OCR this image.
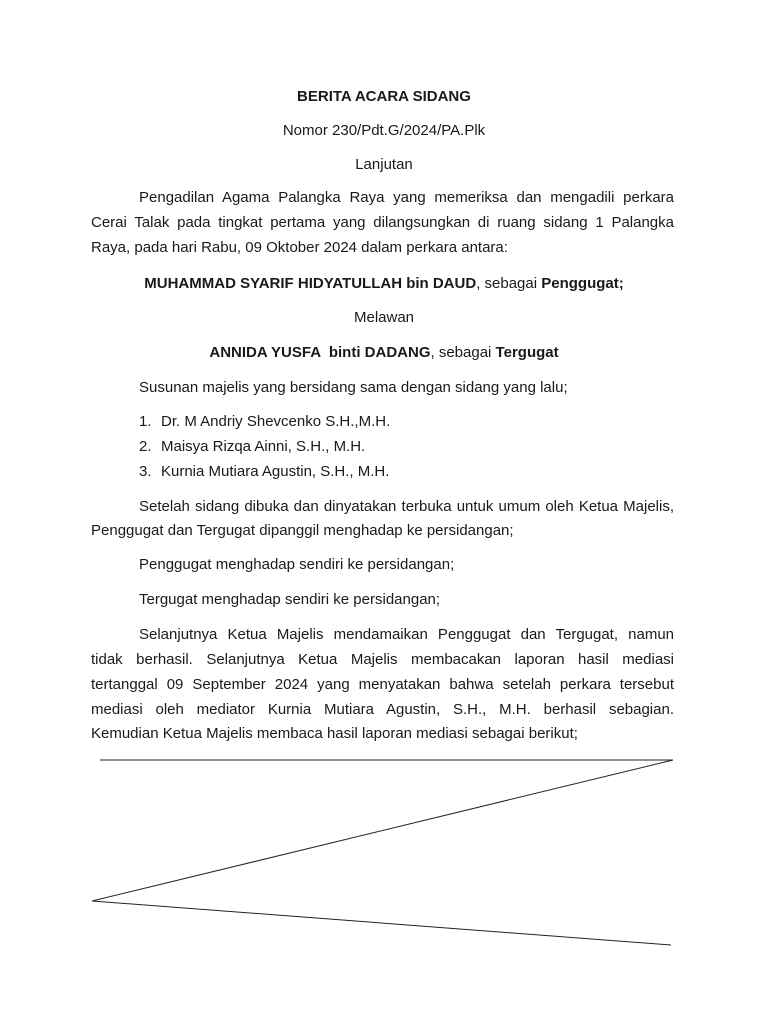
BERITA ACARA SIDANG
Nomor 230/Pdt.G/2024/PA.Plk
Lanjutan
Pengadilan Agama Palangka Raya yang memeriksa dan mengadili perkara
Cerai Talak pada tingkat pertama yang dilangsungkan di ruang sidang 1 Palangka
Raya, pada hari Rabu, 09 Oktober 2024 dalam perkara antara:
MUHAMMAD SYARIF HIDYATULLAH bin DAUD, sebagai Penggugat;
Melawan
ANNIDA YUSFA  binti DADANG, sebagai Tergugat
Susunan majelis yang bersidang sama dengan sidang yang lalu;
1. Dr. M Andriy Shevcenko S.H.,M.H.
2. Maisya Rizqa Ainni, S.H., M.H.
3. Kurnia Mutiara Agustin, S.H., M.H.
Setelah sidang dibuka dan dinyatakan terbuka untuk umum oleh Ketua Majelis,
Penggugat dan Tergugat dipanggil menghadap ke persidangan;
Penggugat menghadap sendiri ke persidangan;
Tergugat menghadap sendiri ke persidangan;
Selanjutnya Ketua Majelis mendamaikan Penggugat dan Tergugat, namun
tidak berhasil. Selanjutnya Ketua Majelis membacakan laporan hasil mediasi
tertanggal 09 September 2024 yang menyatakan bahwa setelah perkara tersebut
mediasi oleh mediator Kurnia Mutiara Agustin, S.H., M.H. berhasil sebagian.
Kemudian Ketua Majelis membaca hasil laporan mediasi sebagai berikut;
